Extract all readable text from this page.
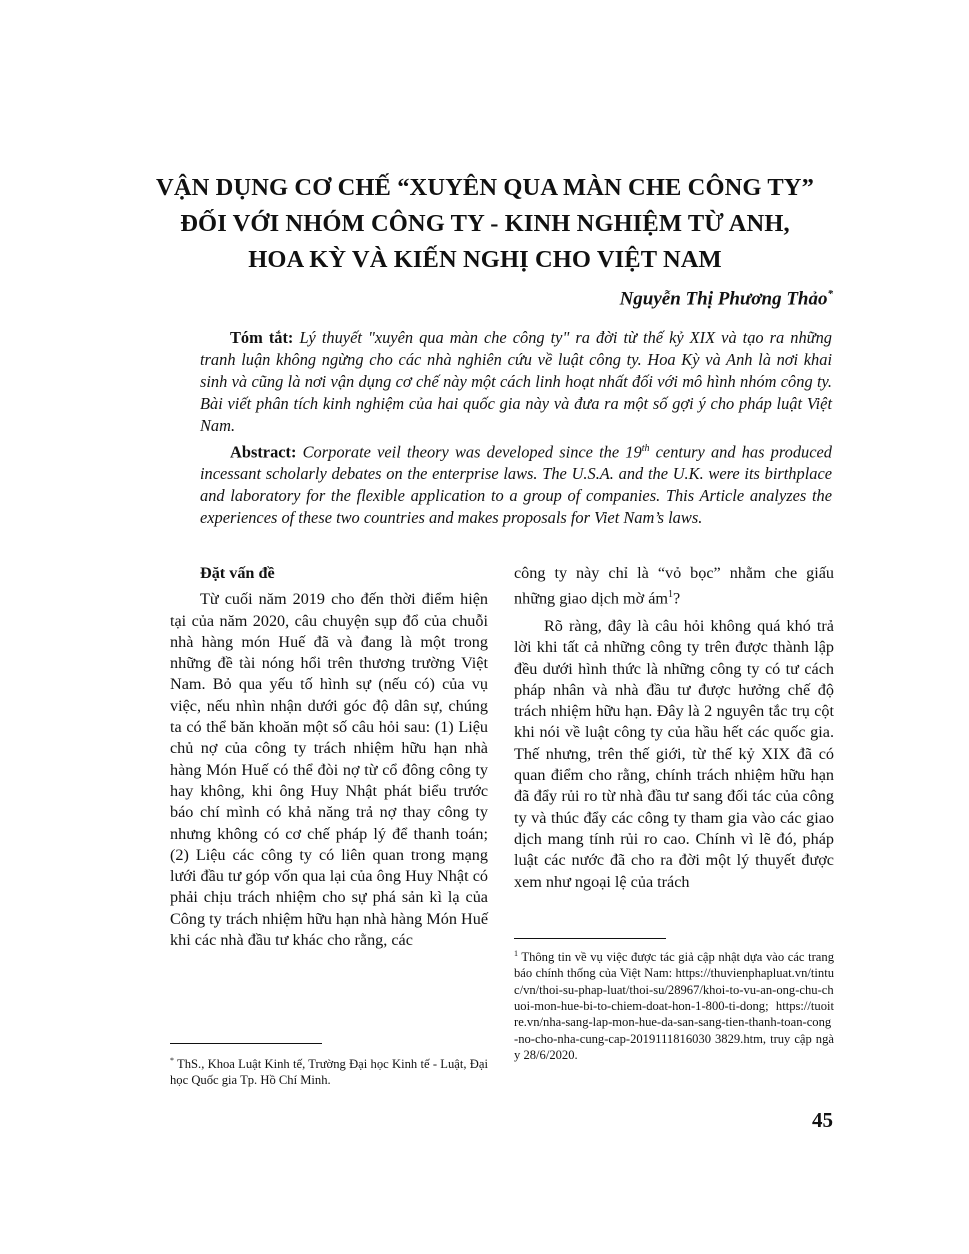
VẬN DỤNG CƠ CHẾ “XUYÊN QUA MÀN CHE CÔNG TY”
ĐỐI VỚI NHÓM CÔNG TY - KINH NGHIỆM TỪ ANH,
HOA KỲ VÀ KIẾN NGHỊ CHO VIỆT NAM
Nguyễn Thị Phương Thảo*
Tóm tắt: Lý thuyết "xuyên qua màn che công ty" ra đời từ thế kỷ XIX và tạo ra những tranh luận không ngừng cho các nhà nghiên cứu về luật công ty. Hoa Kỳ và Anh là nơi khai sinh và cũng là nơi vận dụng cơ chế này một cách linh hoạt nhất đối với mô hình nhóm công ty. Bài viết phân tích kinh nghiệm của hai quốc gia này và đưa ra một số gợi ý cho pháp luật Việt Nam.
Abstract: Corporate veil theory was developed since the 19th century and has produced incessant scholarly debates on the enterprise laws. The U.S.A. and the U.K. were its birthplace and laboratory for the flexible application to a group of companies. This Article analyzes the experiences of these two countries and makes proposals for Viet Nam’s laws.

Đặt vấn đề

Từ cuối năm 2019 cho đến thời điểm hiện tại của năm 2020, câu chuyện sụp đổ của chuỗi nhà hàng món Huế đã và đang là một trong những đề tài nóng hổi trên thương trường Việt Nam. Bỏ qua yếu tố hình sự (nếu có) của vụ việc, nếu nhìn nhận dưới góc độ dân sự, chúng ta có thể băn khoăn một số câu hỏi sau: (1) Liệu chủ nợ của công ty trách nhiệm hữu hạn nhà hàng Món Huế có thể đòi nợ từ cổ đông công ty hay không, khi ông Huy Nhật phát biểu trước báo chí mình có khả năng trả nợ thay công ty nhưng không có cơ chế pháp lý để thanh toán; (2) Liệu các công ty có liên quan trong mạng lưới đầu tư góp vốn qua lại của ông Huy Nhật có phải chịu trách nhiệm cho sự phá sản kì lạ của Công ty trách nhiệm hữu hạn nhà hàng Món Huế khi các nhà đầu tư khác cho rằng, các

công ty này chỉ là “vỏ bọc” nhằm che giấu những giao dịch mờ $ám^1$?

Rõ ràng, đây là câu hỏi không quá khó trả lời khi tất cả những công ty trên được thành lập đều dưới hình thức là những công ty có tư cách pháp nhân và nhà đầu tư được hưởng chế độ trách nhiệm hữu hạn. Đây là 2 nguyên tắc trụ cột khi nói về luật công ty của hầu hết các quốc gia. Thế nhưng, trên thế giới, từ thế kỷ XIX đã có quan điểm cho rằng, chính trách nhiệm hữu hạn đã đẩy rủi ro từ nhà đầu tư sang đối tác của công ty và thúc đẩy các công ty tham gia vào các giao dịch mang tính rủi ro cao. Chính vì lẽ đó, pháp luật các nước đã cho ra đời một lý thuyết được xem như ngoại lệ của trách

* ThS., Khoa Luật Kinh tế, Trường Đại học Kinh tế - Luật, Đại học Quốc gia Tp. Hồ Chí Minh.
$^1$ Thông tin về vụ việc được tác giả cập nhật dựa vào các trang báo chính thống của Việt Nam: https://thuvienphapluat.vn/tintuc/vn/thoi-su-phap-luat/thoi-su/28967/khoi-to-vu-an-ong-chu-chuoi-mon-hue-bi-to-chiem-doat-hon-1-800-ti-dong; https://tuoitre.vn/nha-sang-lap-mon-hue-da-san-sang-tien-thanh-toan-cong-no-cho-nha-cung-cap-2019111816030 3829.htm, truy cập ngày 28/6/2020.
45
